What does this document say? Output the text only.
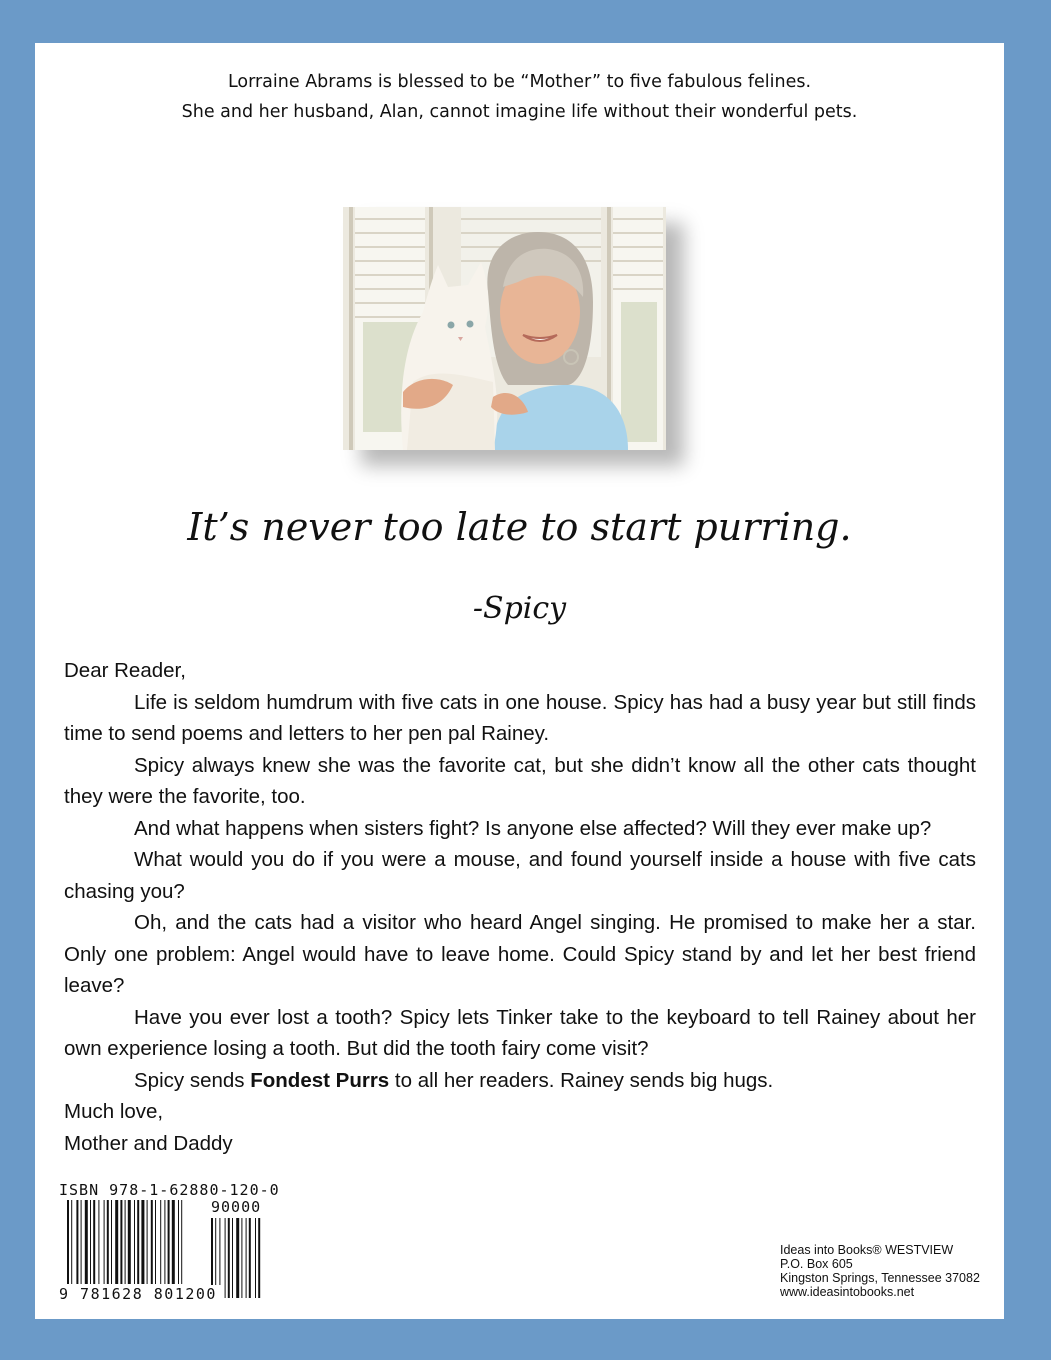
Lorraine Abrams is blessed to be “Mother” to five fabulous felines.
She and her husband, Alan, cannot imagine life without their wonderful pets.
It’s never too late to start purring.
-Spicy

Dear Reader,

Life is seldom humdrum with five cats in one house. Spicy has had a busy year but still finds time to send poems and letters to her pen pal Rainey.

Spicy always knew she was the favorite cat, but she didn’t know all the other cats thought they were the favorite, too.

And what happens when sisters fight? Is anyone else affected? Will they ever make up?

What would you do if you were a mouse, and found yourself inside a house with five cats chasing you?

Oh, and the cats had a visitor who heard Angel singing. He promised to make her a star. Only one problem: Angel would have to leave home. Could Spicy stand by and let her best friend leave?

Have you ever lost a tooth? Spicy lets Tinker take to the keyboard to tell Rainey about her own experience losing a tooth. But did the tooth fairy come visit?

Spicy sends Fondest Purrs to all her readers. Rainey sends big hugs.

Much love,

Mother and Daddy

ISBN 978-1-62880-120-0
90000
9 781628 801200
Ideas into Books® WESTVIEW
P.O. Box 605
Kingston Springs, Tennessee 37082
www.ideasintobooks.net
